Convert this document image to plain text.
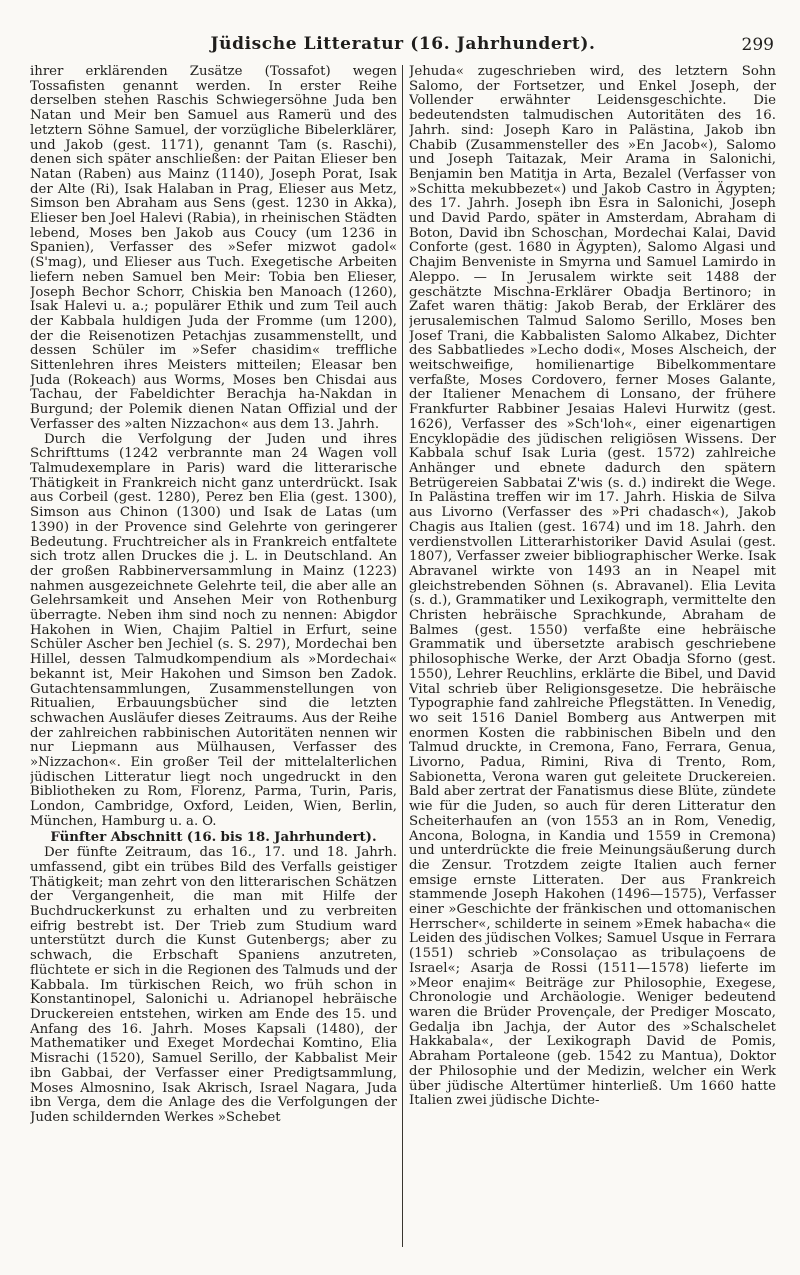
Jüdische Litteratur (16. Jahrhundert).	299

ihrer erklärenden Zusätze (Tossafot) wegen Tossafisten genannt werden. In erster Reihe derselben stehen Raschis Schwiegersöhne Juda ben Natan und Meir ben Samuel aus Ramerü und des letztern Söhne Samuel, der vorzügliche Bibelerklärer, und Jakob (gest. 1171), genannt Tam (s. Raschi), denen sich später anschließen: der Paitan Elieser ben Natan (Raben) aus Mainz (1140), Joseph Porat, Isak der Alte (Ri), Isak Halaban in Prag, Elieser aus Metz, Simson ben Abraham aus Sens (gest. 1230 in Akka), Elieser ben Joel Halevi (Rabia), in rheinischen Städten lebend, Moses ben Jakob aus Coucy (um 1236 in Spanien), Verfasser des »Sefer mizwot gadol« (S'mag), und Elieser aus Tuch. Exegetische Arbeiten liefern neben Samuel ben Meir: Tobia ben Elieser, Joseph Bechor Schorr, Chiskia ben Manoach (1260), Isak Halevi u. a.; populärer Ethik und zum Teil auch der Kabbala huldigen Juda der Fromme (um 1200), der die Reisenotizen Petachjas zusammenstellt, und dessen Schüler im »Sefer chasidim« treffliche Sittenlehren ihres Meisters mitteilen; Eleasar ben Juda (Rokeach) aus Worms, Moses ben Chisdai aus Tachau, der Fabeldichter Berachja ha-Nakdan in Burgund; der Polemik dienen Natan Offizial und der Verfasser des »alten Nizzachon« aus dem 13. Jahrh.

Durch die Verfolgung der Juden und ihres Schrifttums (1242 verbrannte man 24 Wagen voll Talmudexemplare in Paris) ward die litterarische Thätigkeit in Frankreich nicht ganz unterdrückt. Isak aus Corbeil (gest. 1280), Perez ben Elia (gest. 1300), Simson aus Chinon (1300) und Isak de Latas (um 1390) in der Provence sind Gelehrte von geringerer Bedeutung. Fruchtreicher als in Frankreich entfaltete sich trotz allen Druckes die j. L. in Deutschland. An der großen Rabbinerversammlung in Mainz (1223) nahmen ausgezeichnete Gelehrte teil, die aber alle an Gelehrsamkeit und Ansehen Meir von Rothenburg überragte. Neben ihm sind noch zu nennen: Abigdor Hakohen in Wien, Chajim Paltiel in Erfurt, seine Schüler Ascher ben Jechiel (s. S. 297), Mordechai ben Hillel, dessen Talmudkompendium als »Mordechai« bekannt ist, Meir Hakohen und Simson ben Zadok. Gutachtensammlungen, Zusammenstellungen von Ritualien, Erbauungsbücher sind die letzten schwachen Ausläufer dieses Zeitraums. Aus der Reihe der zahlreichen rabbinischen Autoritäten nennen wir nur Liepmann aus Mülhausen, Verfasser des »Nizzachon«. Ein großer Teil der mittelalterlichen jüdischen Litteratur liegt noch ungedruckt in den Bibliotheken zu Rom, Florenz, Parma, Turin, Paris, London, Cambridge, Oxford, Leiden, Wien, Berlin, München, Hamburg u. a. O.

Fünfter Abschnitt (16. bis 18. Jahrhundert).

Der fünfte Zeitraum, das 16., 17. und 18. Jahrh. umfassend, gibt ein trübes Bild des Verfalls geistiger Thätigkeit; man zehrt von den litterarischen Schätzen der Vergangenheit, die man mit Hilfe der Buchdruckerkunst zu erhalten und zu verbreiten eifrig bestrebt ist. Der Trieb zum Studium ward unterstützt durch die Kunst Gutenbergs; aber zu schwach, die Erbschaft Spaniens anzutreten, flüchtete er sich in die Regionen des Talmuds und der Kabbala. Im türkischen Reich, wo früh schon in Konstantinopel, Salonichi u. Adrianopel hebräische Druckereien entstehen, wirken am Ende des 15. und Anfang des 16. Jahrh. Moses Kapsali (1480), der Mathematiker und Exeget Mordechai Komtino, Elia Misrachi (1520), Samuel Serillo, der Kabbalist Meir ibn Gabbai, der Verfasser einer Predigtsammlung, Moses Almosnino, Isak Akrisch, Israel Nagara, Juda ibn Verga, dem die Anlage des die Verfolgungen der Juden schildernden Werkes »Schebet

Jehuda« zugeschrieben wird, des letztern Sohn Salomo, der Fortsetzer, und Enkel Joseph, der Vollender erwähnter Leidensgeschichte. Die bedeutendsten talmudischen Autoritäten des 16. Jahrh. sind: Joseph Karo in Palästina, Jakob ibn Chabib (Zusammensteller des »En Jacob«), Salomo und Joseph Taitazak, Meir Arama in Salonichi, Benjamin ben Matitja in Arta, Bezalel (Verfasser von »Schitta mekubbezet«) und Jakob Castro in Ägypten; des 17. Jahrh. Joseph ibn Esra in Salonichi, Joseph und David Pardo, später in Amsterdam, Abraham di Boton, David ibn Schoschan, Mordechai Kalai, David Conforte (gest. 1680 in Ägypten), Salomo Algasi und Chajim Benveniste in Smyrna und Samuel Lamirdo in Aleppo. — In Jerusalem wirkte seit 1488 der geschätzte Mischna-Erklärer Obadja Bertinoro; in Zafet waren thätig: Jakob Berab, der Erklärer des jerusalemischen Talmud Salomo Serillo, Moses ben Josef Trani, die Kabbalisten Salomo Alkabez, Dichter des Sabbatliedes »Lecho dodi«, Moses Alscheich, der weitschweifige, homilienartige Bibelkommentare verfaßte, Moses Cordovero, ferner Moses Galante, der Italiener Menachem di Lonsano, der frühere Frankfurter Rabbiner Jesaias Halevi Hurwitz (gest. 1626), Verfasser des »Sch'loh«, einer eigenartigen Encyklopädie des jüdischen religiösen Wissens. Der Kabbala schuf Isak Luria (gest. 1572) zahlreiche Anhänger und ebnete dadurch den spätern Betrügereien Sabbatai Z'wis (s. d.) indirekt die Wege. In Palästina treffen wir im 17. Jahrh. Hiskia de Silva aus Livorno (Verfasser des »Pri chadasch«), Jakob Chagis aus Italien (gest. 1674) und im 18. Jahrh. den verdienstvollen Litterarhistoriker David Asulai (gest. 1807), Verfasser zweier bibliographischer Werke. Isak Abravanel wirkte von 1493 an in Neapel mit gleichstrebenden Söhnen (s. Abravanel). Elia Levita (s. d.), Grammatiker und Lexikograph, vermittelte den Christen hebräische Sprachkunde, Abraham de Balmes (gest. 1550) verfaßte eine hebräische Grammatik und übersetzte arabisch geschriebene philosophische Werke, der Arzt Obadja Sforno (gest. 1550), Lehrer Reuchlins, erklärte die Bibel, und David Vital schrieb über Religionsgesetze. Die hebräische Typographie fand zahlreiche Pflegstätten. In Venedig, wo seit 1516 Daniel Bomberg aus Antwerpen mit enormen Kosten die rabbinischen Bibeln und den Talmud druckte, in Cremona, Fano, Ferrara, Genua, Livorno, Padua, Rimini, Riva di Trento, Rom, Sabionetta, Verona waren gut geleitete Druckereien. Bald aber zertrat der Fanatismus diese Blüte, zündete wie für die Juden, so auch für deren Litteratur den Scheiterhaufen an (von 1553 an in Rom, Venedig, Ancona, Bologna, in Kandia und 1559 in Cremona) und unterdrückte die freie Meinungsäußerung durch die Zensur. Trotzdem zeigte Italien auch ferner emsige ernste Litteraten. Der aus Frankreich stammende Joseph Hakohen (1496—1575), Verfasser einer »Geschichte der fränkischen und ottomanischen Herrscher«, schilderte in seinem »Emek habacha« die Leiden des jüdischen Volkes; Samuel Usque in Ferrara (1551) schrieb »Consolaçao as tribulaçoens de Israel«; Asarja de Rossi (1511—1578) lieferte im »Meor enajim« Beiträge zur Philosophie, Exegese, Chronologie und Archäologie. Weniger bedeutend waren die Brüder Provençale, der Prediger Moscato, Gedalja ibn Jachja, der Autor des »Schalschelet Hakkabala«, der Lexikograph David de Pomis, Abraham Portaleone (geb. 1542 zu Mantua), Doktor der Philosophie und der Medizin, welcher ein Werk über jüdische Altertümer hinterließ. Um 1660 hatte Italien zwei jüdische Dichte-
